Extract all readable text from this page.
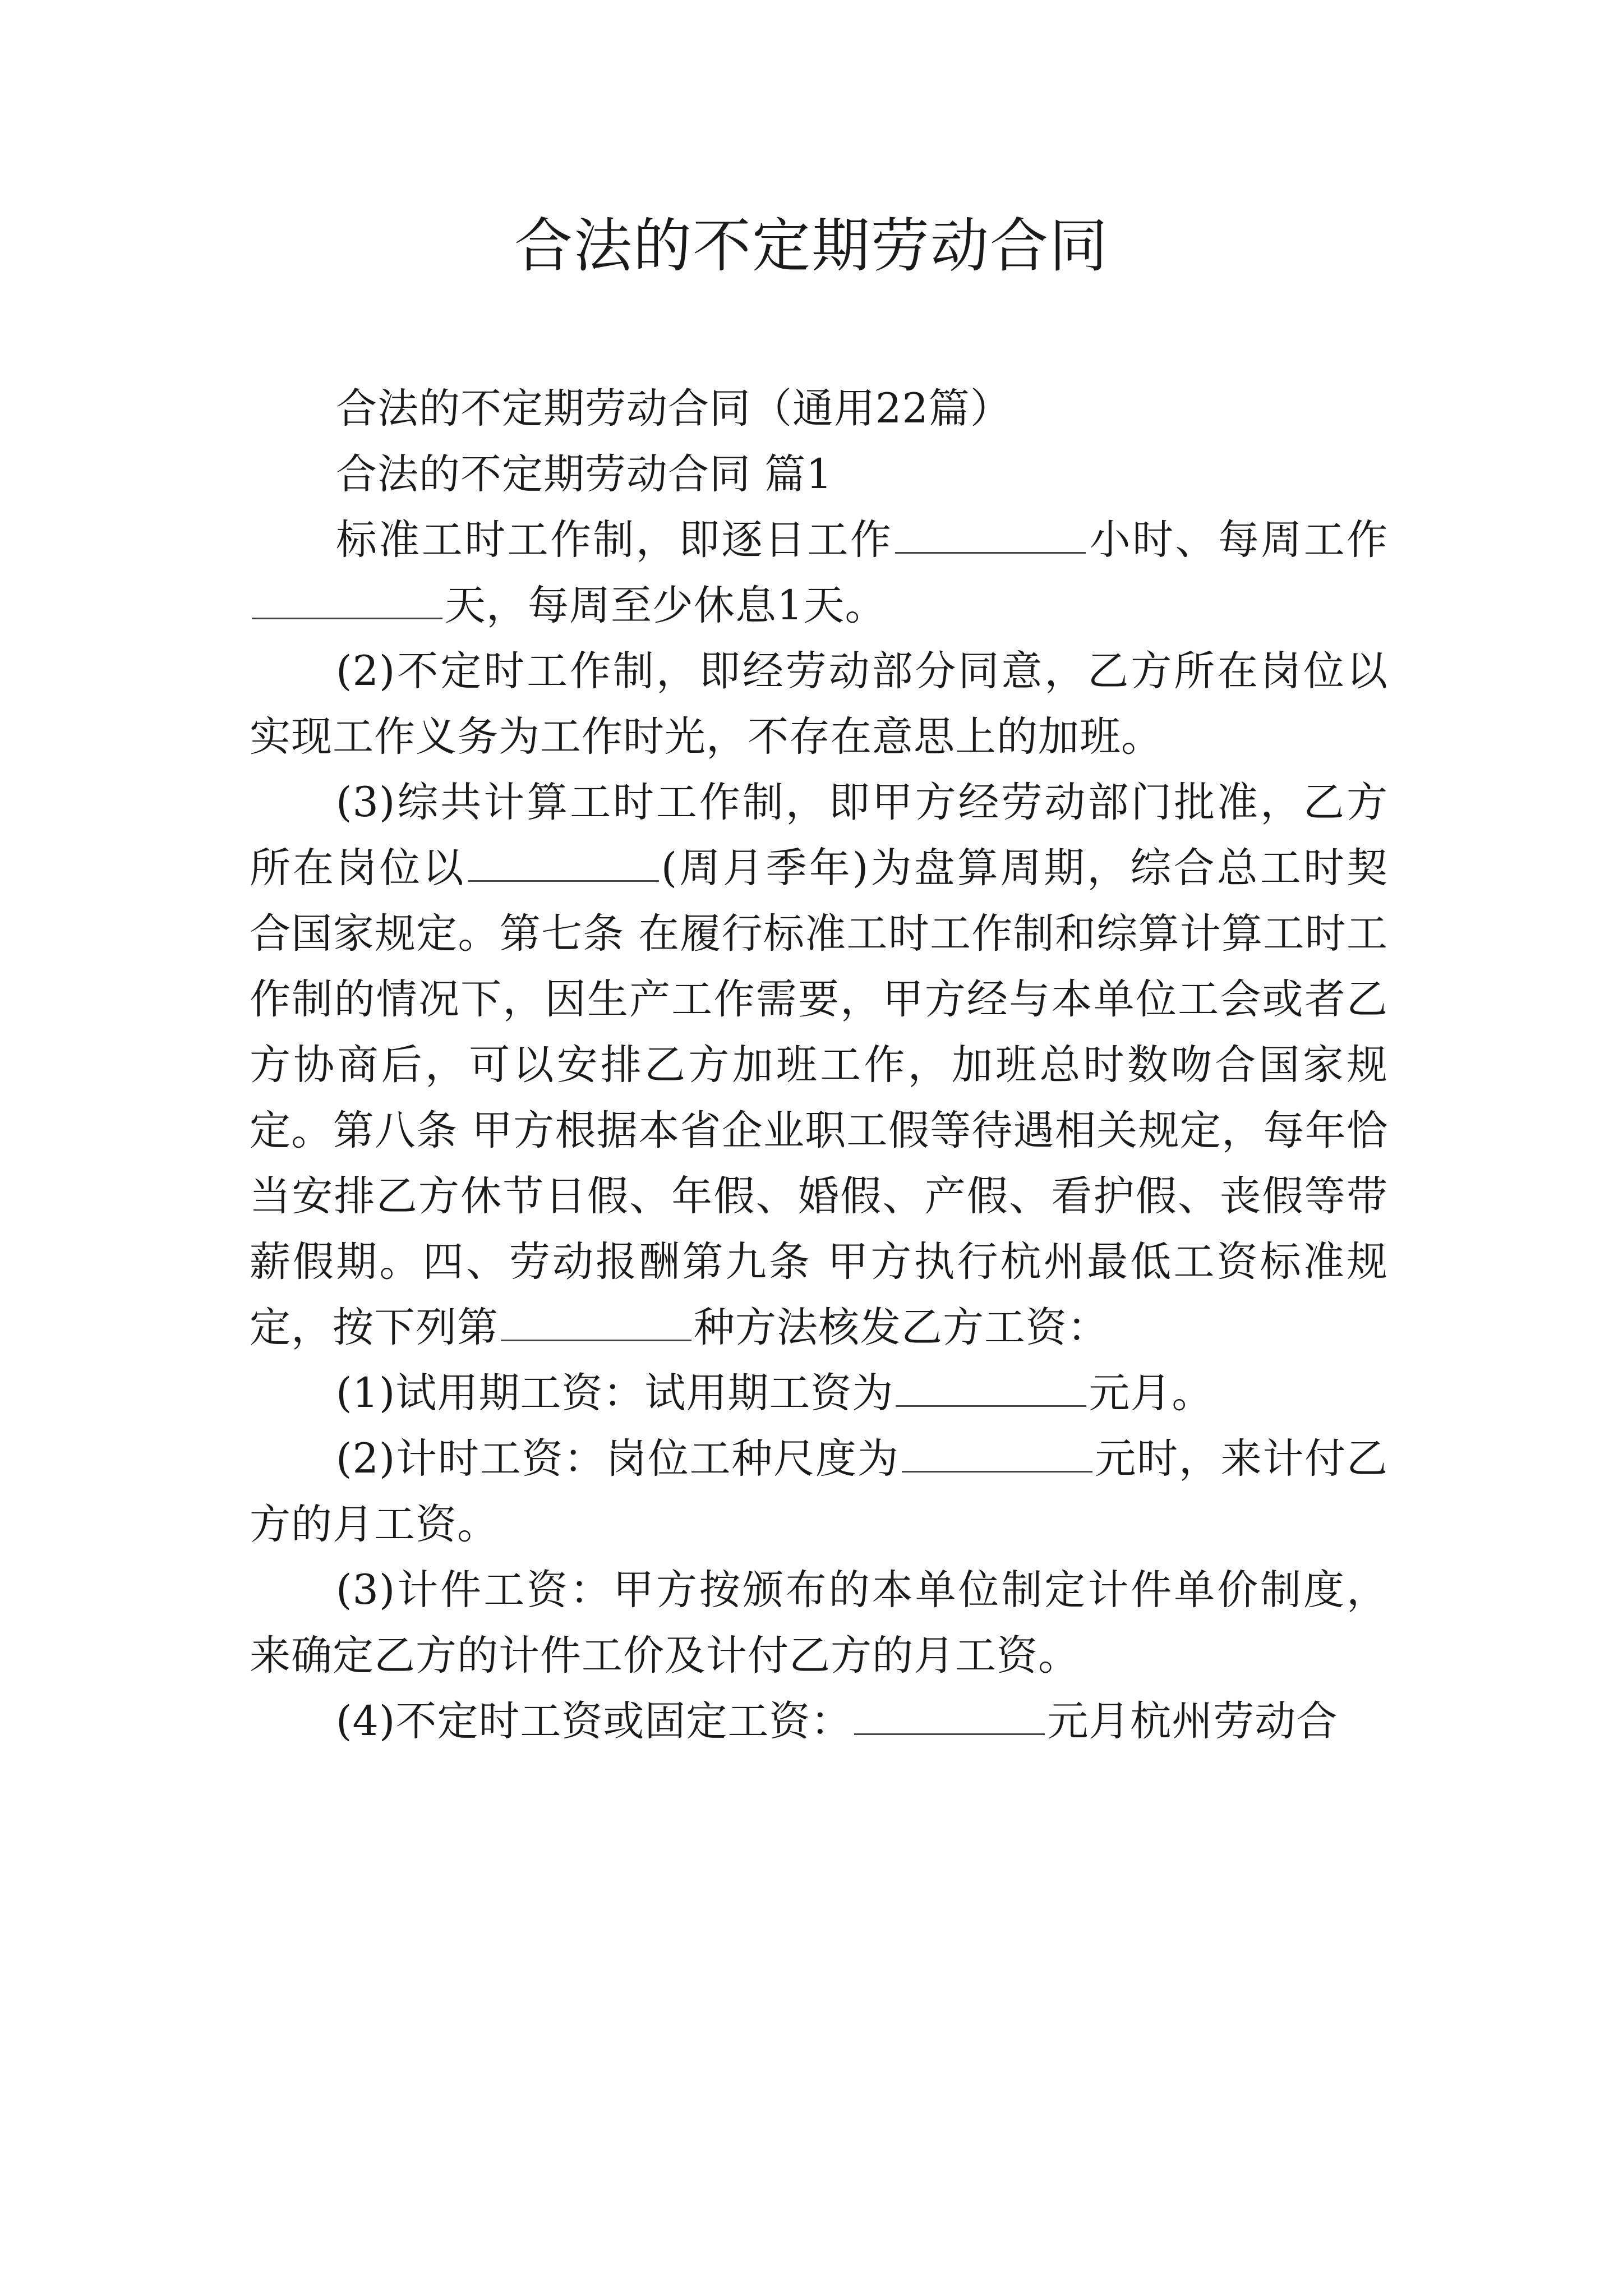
合法的不定期劳动合同

合法的不定期劳动合同（通用22篇）

合法的不定期劳动合同 篇1

标准工时工作制，即逐日工作	小时、每周工作天，每周至少休息1天。

(2)不定时工作制，即经劳动部分同意，乙方所在岗位以实现工作义务为工作时光，不存在意思上的加班。

(3)综共计算工时工作制，即甲方经劳动部门批准，乙方所在岗位以	(周月季年)为盘算周期，综合总工时契合国家规定。第七条 在履行标准工时工作制和综算计算工时工作制的情况下，因生产工作需要，甲方经与本单位工会或者乙方协商后，可以安排乙方加班工作，加班总时数吻合国家规定。第八条 甲方根据本省企业职工假等待遇相关规定，每年恰当安排乙方休节日假、年假、婚假、产假、看护假、丧假等带薪假期。四、劳动报酬第九条 甲方执行杭州最低工资标准规定，按下列第	种方法核发乙方工资：

(1)试用期工资：试用期工资为	元月。

(2)计时工资：岗位工种尺度为	元时，来计付乙方的月工资。

(3)计件工资：甲方按颁布的本单位制定计件单价制度，来确定乙方的计件工价及计付乙方的月工资。

(4)不定时工资或固定工资：	元月杭州劳动合
